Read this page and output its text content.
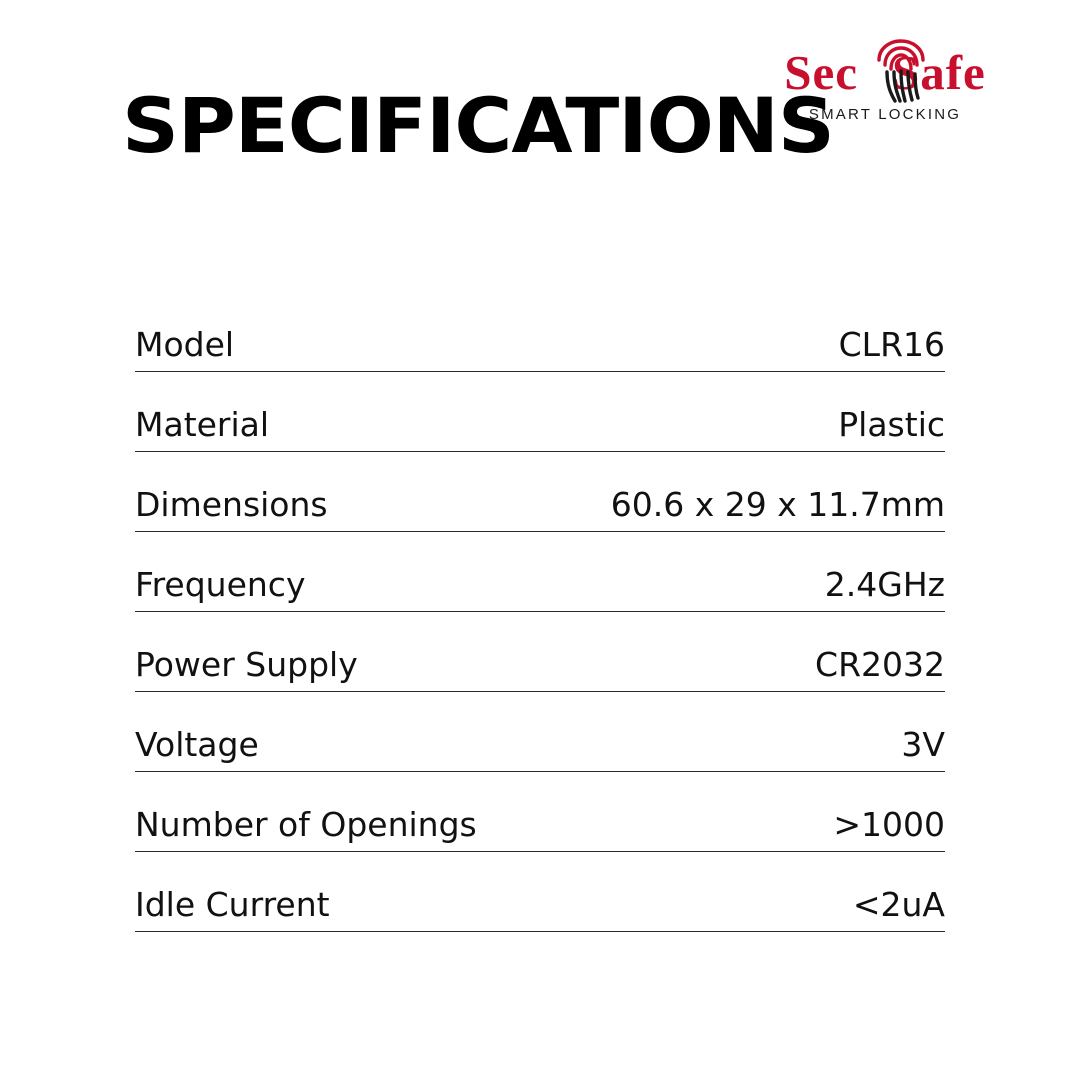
SPECIFICATIONS
Sec Safe
SMART LOCKING
Model	CLR16
Material	Plastic
Dimensions	60.6 x 29 x 11.7mm
Frequency	2.4GHz
Power Supply	CR2032
Voltage	3V
Number of Openings	>1000
Idle Current	<2uA
